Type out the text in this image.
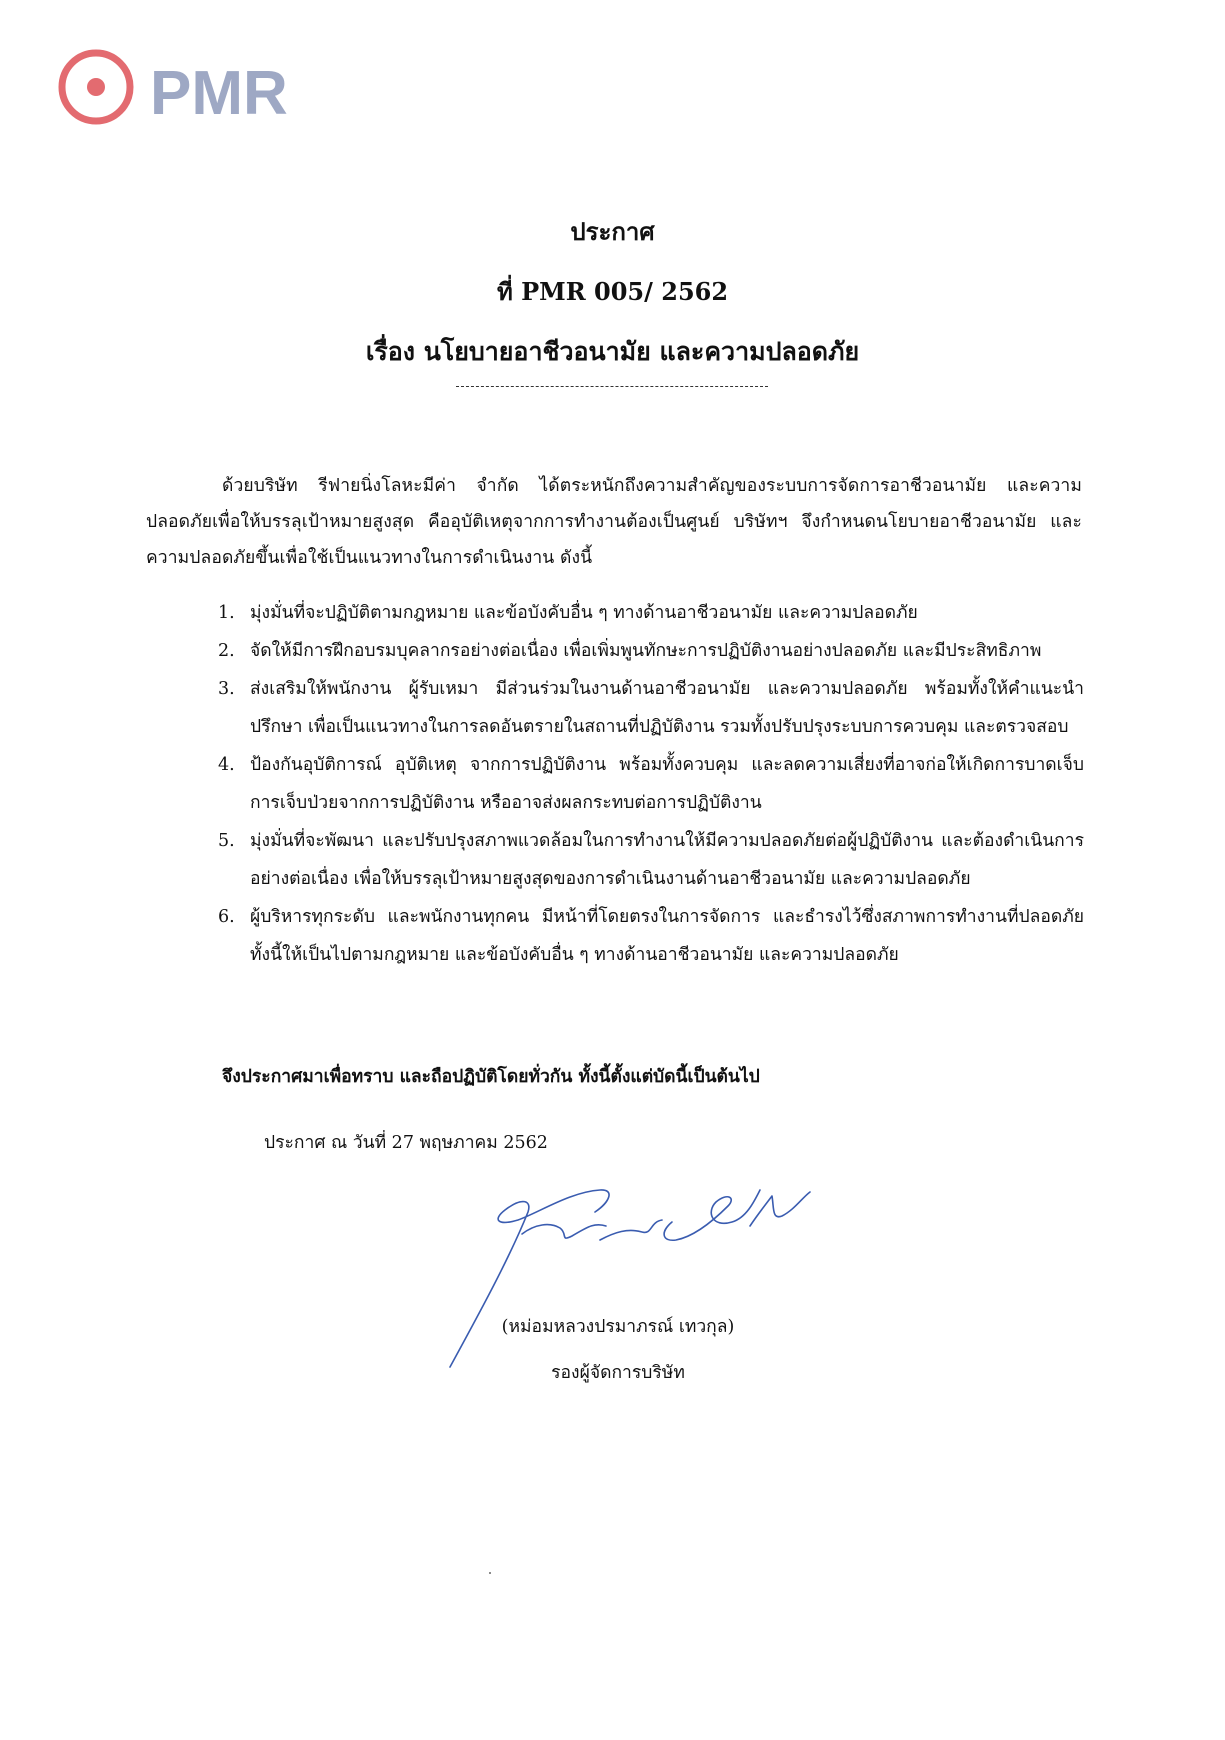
PMR
ประกาศ
ที่ PMR 005/ 2562
เรื่อง นโยบายอาชีวอนามัย และความปลอดภัย

ด้วยบริษัท รีฟายนิ่งโลหะมีค่า จำกัด ได้ตระหนักถึงความสำคัญของระบบการจัดการอาชีวอนามัย และความปลอดภัยเพื่อให้บรรลุเป้าหมายสูงสุด คืออุบัติเหตุจากการทำงานต้องเป็นศูนย์ บริษัทฯ จึงกำหนดนโยบายอาชีวอนามัย และความปลอดภัยขึ้นเพื่อใช้เป็นแนวทางในการดำเนินงาน ดังนี้

1. มุ่งมั่นที่จะปฏิบัติตามกฎหมาย และข้อบังคับอื่น ๆ ทางด้านอาชีวอนามัย และความปลอดภัย
2. จัดให้มีการฝึกอบรมบุคลากรอย่างต่อเนื่อง เพื่อเพิ่มพูนทักษะการปฏิบัติงานอย่างปลอดภัย และมีประสิทธิภาพ
3. ส่งเสริมให้พนักงาน ผู้รับเหมา มีส่วนร่วมในงานด้านอาชีวอนามัย และความปลอดภัย พร้อมทั้งให้คำแนะนำปรึกษา เพื่อเป็นแนวทางในการลดอันตรายในสถานที่ปฏิบัติงาน รวมทั้งปรับปรุงระบบการควบคุม และตรวจสอบ
4. ป้องกันอุบัติการณ์ อุบัติเหตุ จากการปฏิบัติงาน พร้อมทั้งควบคุม และลดความเสี่ยงที่อาจก่อให้เกิดการบาดเจ็บ การเจ็บป่วยจากการปฏิบัติงาน หรืออาจส่งผลกระทบต่อการปฏิบัติงาน
5. มุ่งมั่นที่จะพัฒนา และปรับปรุงสภาพแวดล้อมในการทำงานให้มีความปลอดภัยต่อผู้ปฏิบัติงาน และต้องดำเนินการอย่างต่อเนื่อง เพื่อให้บรรลุเป้าหมายสูงสุดของการดำเนินงานด้านอาชีวอนามัย และความปลอดภัย
6. ผู้บริหารทุกระดับ และพนักงานทุกคน มีหน้าที่โดยตรงในการจัดการ และธำรงไว้ซึ่งสภาพการทำงานที่ปลอดภัย ทั้งนี้ให้เป็นไปตามกฎหมาย และข้อบังคับอื่น ๆ ทางด้านอาชีวอนามัย และความปลอดภัย
จึงประกาศมาเพื่อทราบ และถือปฏิบัติโดยทั่วกัน ทั้งนี้ตั้งแต่บัดนี้เป็นต้นไป
ประกาศ ณ วันที่ 27 พฤษภาคม 2562
(หม่อมหลวงปรมาภรณ์ เทวกุล)
รองผู้จัดการบริษัท
